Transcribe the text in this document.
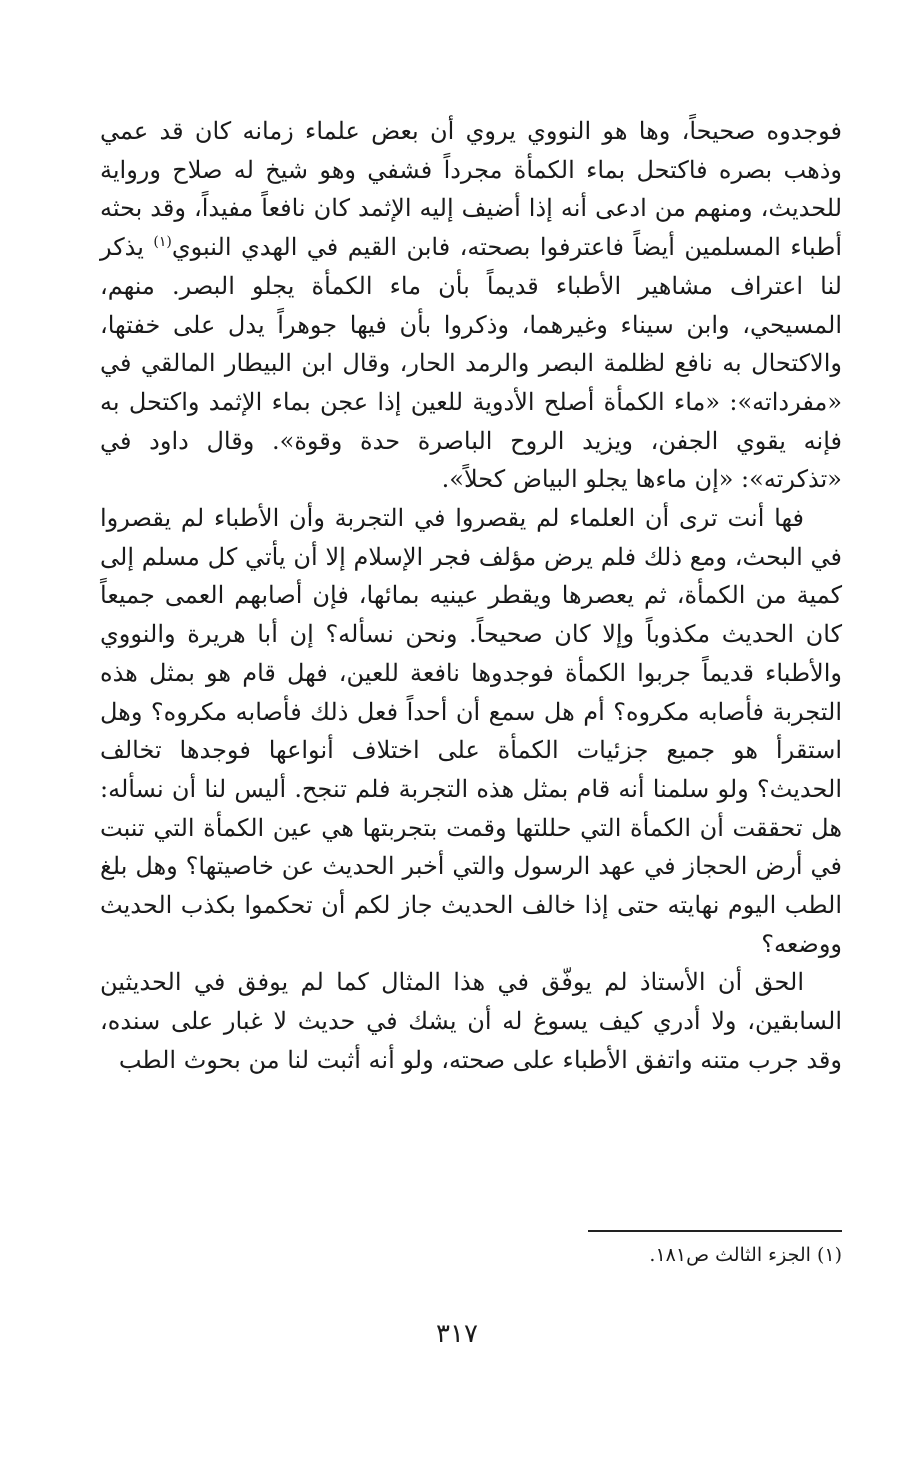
فوجدوه صحيحاً، وها هو النووي يروي أن بعض علماء زمانه كان قد عمي وذهب بصره فاكتحل بماء الكمأة مجرداً فشفي وهو شيخ له صلاح ورواية للحديث، ومنهم من ادعى أنه إذا أضيف إليه الإثمد كان نافعاً مفيداً، وقد بحثه أطباء المسلمين أيضاً فاعترفوا بصحته، فابن القيم في الهدي النبوي$^{(١)}$ يذكر لنا اعتراف مشاهير الأطباء قديماً بأن ماء الكمأة يجلو البصر. منهم، المسيحي، وابن سيناء وغيرهما، وذكروا بأن فيها جوهراً يدل على خفتها، والاكتحال به نافع لظلمة البصر والرمد الحار، وقال ابن البيطار المالقي في «مفرداته»: «ماء الكمأة أصلح الأدوية للعين إذا عجن بماء الإثمد واكتحل به فإنه يقوي الجفن، ويزيد الروح الباصرة حدة وقوة». وقال داود في «تذكرته»: «إن ماءها يجلو البياض كحلاً».

فها أنت ترى أن العلماء لم يقصروا في التجربة وأن الأطباء لم يقصروا في البحث، ومع ذلك فلم يرض مؤلف فجر الإسلام إلا أن يأتي كل مسلم إلى كمية من الكمأة، ثم يعصرها ويقطر عينيه بمائها، فإن أصابهم العمى جميعاً كان الحديث مكذوباً وإلا كان صحيحاً. ونحن نسأله؟ إن أبا هريرة والنووي والأطباء قديماً جربوا الكمأة فوجدوها نافعة للعين، فهل قام هو بمثل هذه التجربة فأصابه مكروه؟ أم هل سمع أن أحداً فعل ذلك فأصابه مكروه؟ وهل استقرأ هو جميع جزئيات الكمأة على اختلاف أنواعها فوجدها تخالف الحديث؟ ولو سلمنا أنه قام بمثل هذه التجربة فلم تنجح. أليس لنا أن نسأله: هل تحققت أن الكمأة التي حللتها وقمت بتجربتها هي عين الكمأة التي تنبت في أرض الحجاز في عهد الرسول والتي أخبر الحديث عن خاصيتها؟ وهل بلغ الطب اليوم نهايته حتى إذا خالف الحديث جاز لكم أن تحكموا بكذب الحديث ووضعه؟

الحق أن الأستاذ لم يوفّق في هذا المثال كما لم يوفق في الحديثين السابقين، ولا أدري كيف يسوغ له أن يشك في حديث لا غبار على سنده، وقد جرب متنه واتفق الأطباء على صحته، ولو أنه أثبت لنا من بحوث الطب

(١) الجزء الثالث ص١٨١.
٣١٧
